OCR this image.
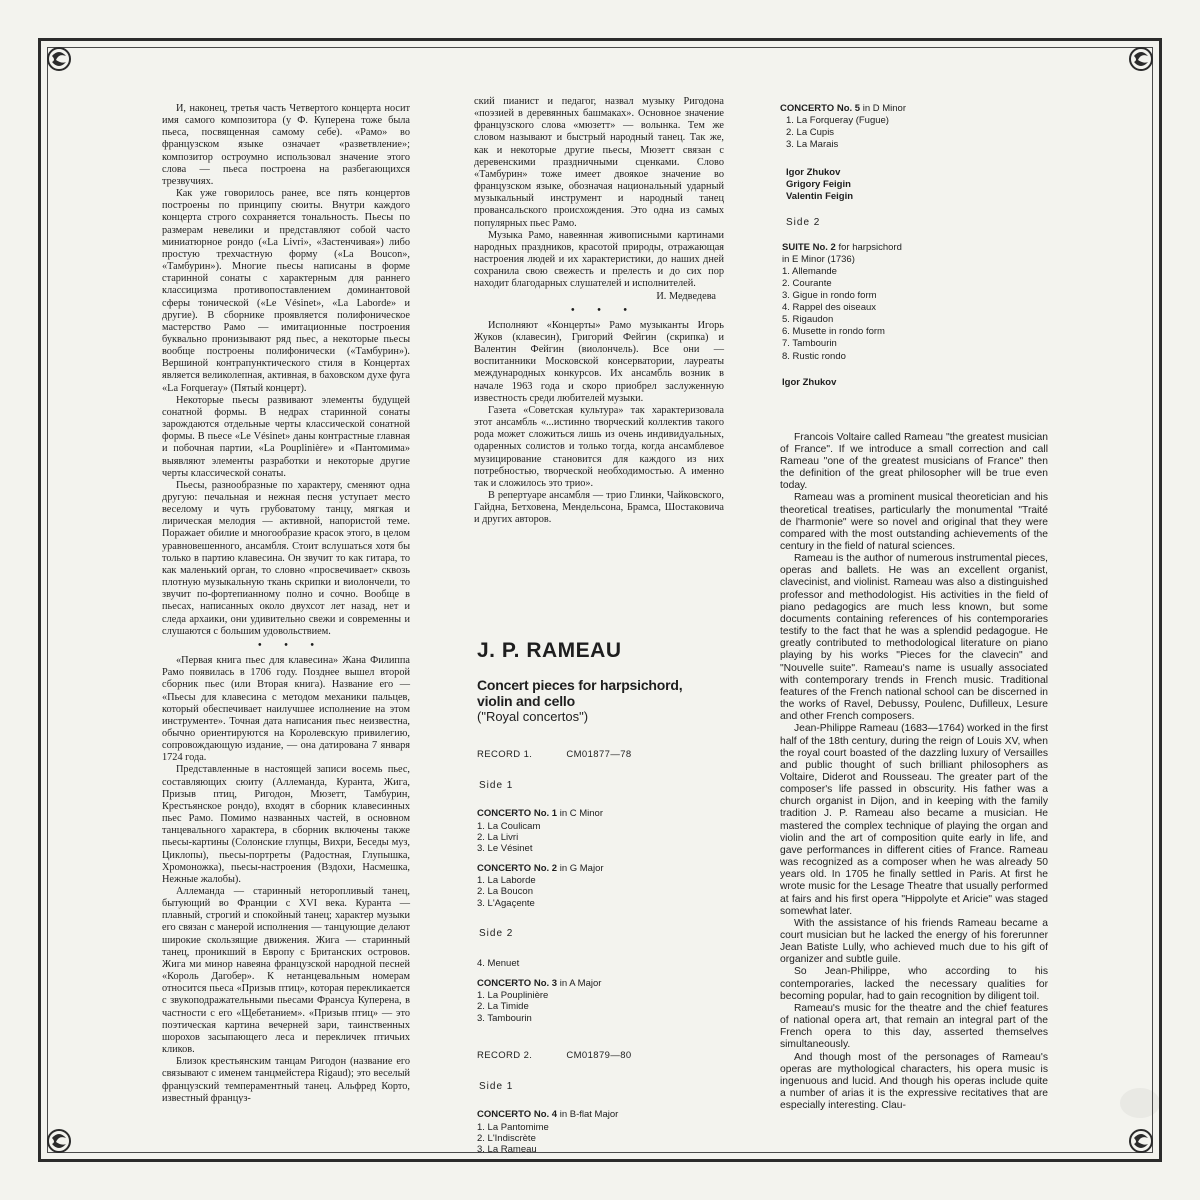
И, наконец, третья часть Четвертого концерта носит имя самого композитора (у Ф. Куперена тоже была пьеса, посвященная самому себе). «Рамо» во французском языке означает «разветвление»; композитор остроумно использовал значение этого слова — пьеса построена на разбегающихся трезвучиях.

Как уже говорилось ранее, все пять концертов построены по принципу сюиты. Внутри каждого концерта строго сохраняется тональность. Пьесы по размерам невелики и представляют собой часто миниатюрное рондо («La Livri», «Застенчивая») либо простую трехчастную форму («La Boucon», «Тамбурин»). Многие пьесы написаны в форме старинной сонаты с характерным для раннего классицизма противопоставлением доминантовой сферы тонической («Le Vésinet», «La Laborde» и другие). В сборнике проявляется полифоническое мастерство Рамо — имитационные построения буквально пронизывают ряд пьес, а некоторые пьесы вообще построены полифонически («Тамбурин»). Вершиной контрапунктического стиля в Концертах является великолепная, активная, в баховском духе фуга «La Forqueray» (Пятый концерт).

Некоторые пьесы развивают элементы будущей сонатной формы. В недрах старинной сонаты зарождаются отдельные черты классической сонатной формы. В пьесе «Le Vésinet» даны контрастные главная и побочная партии, «La Pouplinière» и «Пантомима» выявляют элементы разработки и некоторые другие черты классической сонаты.

Пьесы, разнообразные по характеру, сменяют одна другую: печальная и нежная песня уступает место веселому и чуть грубоватому танцу, мягкая и лирическая мелодия — активной, напористой теме. Поражает обилие и многообразие красок этого, в целом уравновешенного, ансамбля. Стоит вслушаться хотя бы только в партию клавесина. Он звучит то как гитара, то как маленький орган, то словно «просвечивает» сквозь плотную музыкальную ткань скрипки и виолончели, то звучит по-фортепианному полно и сочно. Вообще в пьесах, написанных около двухсот лет назад, нет и следа архаики, они удивительно свежи и современны и слушаются с большим удовольствием.

• • •

«Первая книга пьес для клавесина» Жана Филиппа Рамо появилась в 1706 году. Позднее вышел второй сборник пьес (или Вторая книга). Название его — «Пьесы для клавесина с методом механики пальцев, который обеспечивает наилучшее исполнение на этом инструменте». Точная дата написания пьес неизвестна, обычно ориентируются на Королевскую привилегию, сопровождающую издание, — она датирована 7 января 1724 года.

Представленные в настоящей записи восемь пьес, составляющих сюиту (Аллеманда, Куранта, Жига, Призыв птиц, Ригодон, Мюзетт, Тамбурин, Крестьянское рондо), входят в сборник клавесинных пьес Рамо. Помимо названных частей, в основном танцевального характера, в сборник включены также пьесы-картины (Солонские глупцы, Вихри, Беседы муз, Циклопы), пьесы-портреты (Радостная, Глупышка, Хромоножка), пьесы-настроения (Вздохи, Насмешка, Нежные жалобы).

Аллеманда — старинный неторопливый танец, бытующий во Франции с XVI века. Куранта — плавный, строгий и спокойный танец; характер музыки его связан с манерой исполнения — танцующие делают широкие скользящие движения. Жига — старинный танец, проникший в Европу с Британских островов. Жига ми минор навеяна французской народной песней «Король Дагобер». К нетанцевальным номерам относится пьеса «Призыв птиц», которая перекликается с звукоподражательными пьесами Франсуа Куперена, в частности с его «Щебетанием». «Призыв птиц» — это поэтическая картина вечерней зари, таинственных шорохов засыпающего леса и перекличек птичьих кликов.

Близок крестьянским танцам Ригодон (название его связывают с именем танцмейстера Rigaud); это веселый французский темпераментный танец. Альфред Корто, известный француз-

ский пианист и педагог, назвал музыку Ригодона «поэзией в деревянных башмаках». Основное значение французского слова «мюзетт» — волынка. Тем же словом называют и быстрый народный танец. Так же, как и некоторые другие пьесы, Мюзетт связан с деревенскими праздничными сценками. Слово «Тамбурин» тоже имеет двоякое значение во французском языке, обозначая национальный ударный музыкальный инструмент и народный танец провансальского происхождения. Это одна из самых популярных пьес Рамо.

Музыка Рамо, навеянная живописными картинами народных праздников, красотой природы, отражающая настроения людей и их характеристики, до наших дней сохранила свою свежесть и прелесть и до сих пор находит благодарных слушателей и исполнителей.

И. Медведева

• • •

Исполняют «Концерты» Рамо музыканты Игорь Жуков (клавесин), Григорий Фейгин (скрипка) и Валентин Фейгин (виолончель). Все они — воспитанники Московской консерватории, лауреаты международных конкурсов. Их ансамбль возник в начале 1963 года и скоро приобрел заслуженную известность среди любителей музыки.

Газета «Советская культура» так характеризовала этот ансамбль «...истинно творческий коллектив такого рода может сложиться лишь из очень индивидуальных, одаренных солистов и только тогда, когда ансамблевое музицирование становится для каждого из них потребностью, творческой необходимостью. А именно так и сложилось это трио».

В репертуаре ансамбля — трио Глинки, Чайковского, Гайдна, Бетховена, Мендельсона, Брамса, Шостаковича и других авторов.

J. P. RAMEAU
Concert pieces for harpsichord,
violin and cello
("Royal concertos")
RECORD 1.	CM01877—78
Side 1
CONCERTO No. 1 in C Minor
1. La Coulicam
2. La Livri
3. Le Vésinet
CONCERTO No. 2 in G Major
1. La Laborde
2. La Boucon
3. L'Agaçente
Side 2
4. Menuet
CONCERTO No. 3 in A Major
1. La Pouplinière
2. La Timide
3. Tambourin
RECORD 2.	CM01879—80
Side 1
CONCERTO No. 4 in B-flat Major
1. La Pantomime
2. L'Indiscrète
3. La Rameau
CONCERTO No. 5 in D Minor
1. La Forqueray (Fugue)
2. La Cupis
3. La Marais
Igor Zhukov
Grigory Feigin
Valentin Feigin
Side 2
SUITE No. 2 for harpsichord
in E Minor (1736)
1. Allemande
2. Courante
3. Gigue in rondo form
4. Rappel des oiseaux
5. Rigaudon
6. Musette in rondo form
7. Tambourin
8. Rustic rondo
Igor Zhukov

Francois Voltaire called Rameau "the greatest musician of France". If we introduce a small correction and call Rameau "one of the greatest musicians of France" then the definition of the great philosopher will be true even today.

Rameau was a prominent musical theoretician and his theoretical treatises, particularly the monumental "Traité de l'harmonie" were so novel and original that they were compared with the most outstanding achievements of the century in the field of natural sciences.

Rameau is the author of numerous instrumental pieces, operas and ballets. He was an excellent organist, clavecinist, and violinist. Rameau was also a distinguished professor and methodologist. His activities in the field of piano pedagogics are much less known, but some documents containing references of his contemporaries testify to the fact that he was a splendid pedagogue. He greatly contributed to methodological literature on piano playing by his works "Pieces for the clavecin" and "Nouvelle suite". Rameau's name is usually associated with contemporary trends in French music. Traditional features of the French national school can be discerned in the works of Ravel, Debussy, Poulenc, Dufilleux, Lesure and other French composers.

Jean-Philippe Rameau (1683—1764) worked in the first half of the 18th century, during the reign of Louis XV, when the royal court boasted of the dazzling luxury of Versailles and public thought of such brilliant philosophers as Voltaire, Diderot and Rousseau. The greater part of the composer's life passed in obscurity. His father was a church organist in Dijon, and in keeping with the family tradition J. P. Rameau also became a musician. He mastered the complex technique of playing the organ and violin and the art of composition quite early in life, and gave performances in different cities of France. Rameau was recognized as a composer when he was already 50 years old. In 1705 he finally settled in Paris. At first he wrote music for the Lesage Theatre that usually performed at fairs and his first opera "Hippolyte et Aricie" was staged somewhat later.

With the assistance of his friends Rameau became a court musician but he lacked the energy of his forerunner Jean Batiste Lully, who achieved much due to his gift of organizer and subtle guile.

So Jean-Philippe, who according to his contemporaries, lacked the necessary qualities for becoming popular, had to gain recognition by diligent toil.

Rameau's music for the theatre and the chief features of national opera art, that remain an integral part of the French opera to this day, asserted themselves simultaneously.

And though most of the personages of Rameau's operas are mythological characters, his opera music is ingenuous and lucid. And though his operas include quite a number of arias it is the expressive recitatives that are especially interesting. Clau-
